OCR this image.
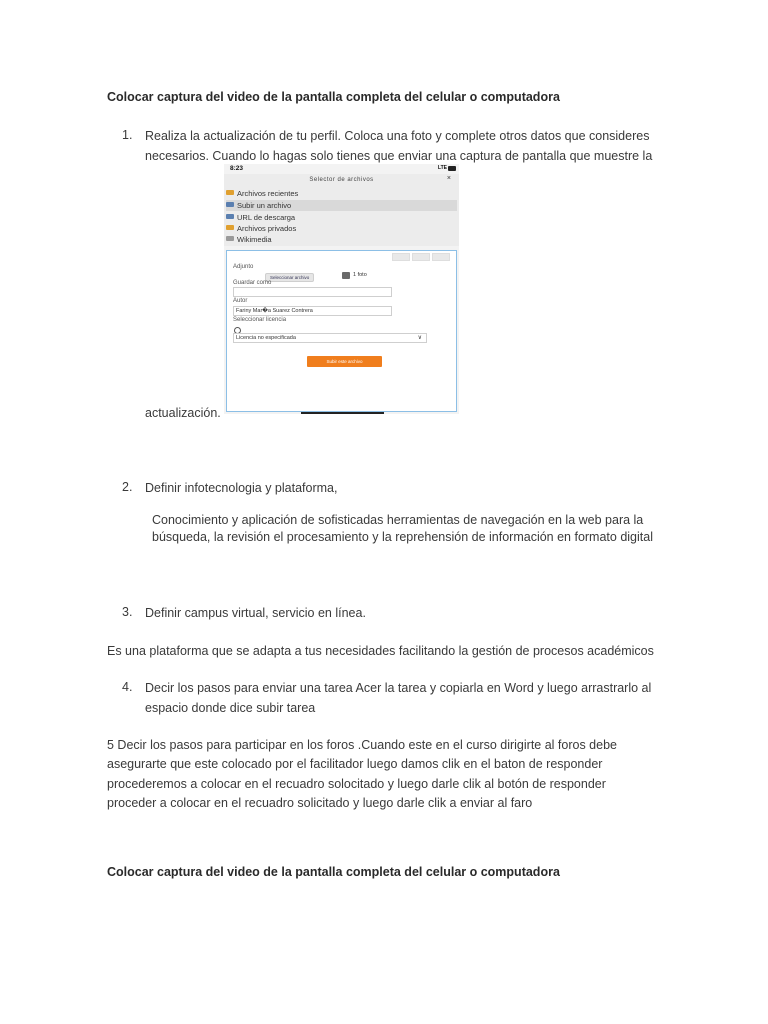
Colocar captura del video de la pantalla completa del celular o computadora
1. Realiza la actualización de tu perfil. Coloca una foto y complete otros datos que consideres
necesarios. Cuando lo hagas solo tienes que enviar una captura de pantalla que muestre la
8:23	LTE
Selector de archivos	×
Archivos recientes
Subir un archivo
URL de descarga
Archivos privados
Wikimedia
Adjunto
Seleccionar archivo	1 foto
Guardar como
Autor
Fariny Mar�a Suarez Contrera
Seleccionar licencia
Licencia no especificada	∨
Subir este archivo
actualización.
2. Definir infotecnologia y plataforma,
Conocimiento y aplicación de sofisticadas herramientas de navegación en la web para la
búsqueda, la revisión el procesamiento y la reprehensión de información en formato digital
3. Definir campus virtual, servicio en línea.
Es una plataforma que se adapta a tus necesidades facilitando la gestión de procesos académicos
4. Decir los pasos para enviar una tarea Acer la tarea y copiarla en Word y luego arrastrarlo al
espacio donde dice subir tarea
5 Decir los pasos para participar en los foros .Cuando este en el curso dirigirte al foros debe
asegurarte que este colocado por el facilitador luego damos clik en el baton de responder
procederemos a colocar en el recuadro solocitado y luego darle clik al botón de responder
proceder a colocar en el recuadro solicitado y luego darle clik a enviar al faro
Colocar captura del video de la pantalla completa del celular o computadora
